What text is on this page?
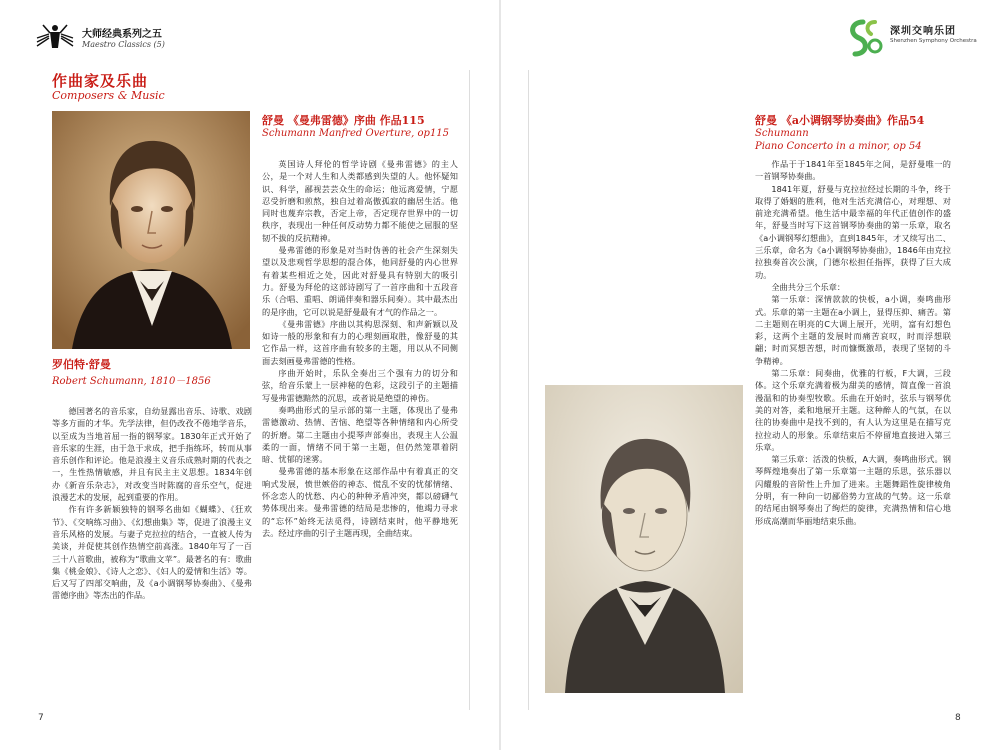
大师经典系列之五
Maestro Classics (5)
作曲家及乐曲
Composers & Music
罗伯特·舒曼
Robert Schumann, 1810－1856

德国著名的音乐家，自幼显露出音乐、诗歌、戏剧等多方面的才华。先学法律，但仍改孜不倦地学音乐，以至成为当地首屈一指的钢琴家。1830年正式开始了音乐家的生涯，由于急于求成，把手指练坏，转而从事音乐创作和评论。他是浪漫主义音乐成熟时期的代表之一，生性热情敏感，并且有民主主义思想。1834年创办《新音乐杂志》，对改变当时陈腐的音乐空气，促进浪漫艺术的发展，起到重要的作用。

作有许多新颖独特的钢琴名曲如《蝴蝶》、《狂欢节》、《交响练习曲》、《幻想曲集》等，促进了浪漫主义音乐风格的发展。与妻子克拉拉的结合，一直被人传为美谈，并促使其创作热情空前高涨。1840年写了一百三十八首歌曲，被称为“歌曲文苹”。最著名的有：歌曲集《桃金娘》、《诗人之恋》、《妇人的爱情和生活》等。后又写了四部交响曲，及《a小调钢琴协奏曲》、《曼弗雷德序曲》等杰出的作品。

舒曼 《曼弗雷德》序曲 作品115
Schumann Manfred Overture, op115

英国诗人拜伦的哲学诗剧《曼弗雷德》的主人公，是一个对人生和人类都感到失望的人。他怀疑知识、科学，鄙视芸芸众生的命运；他远离爱情，宁愿忍受折磨和煎熬，独自过着高傲孤寂的幽居生活。他同时也蔑弃宗教，否定上帝，否定现存世界中的一切秩序，表现出一种任何反动势力都不能使之屈服的坚韧不拔的反抗精神。

曼弗雷德的形象是对当时伪善的社会产生深刻失望以及悲观哲学思想的混合体，他同舒曼的内心世界有着某些相近之处，因此对舒曼具有特别大的吸引力。舒曼为拜伦的这部诗剧写了一首序曲和十五段音乐（合唱、重唱、朗诵伴奏和器乐间奏）。其中最杰出的是序曲，它可以说是舒曼最有才气的作品之一。

《曼弗雷德》序曲以其构思深刻、和声新颖以及如诗一般的形象和有力的心理刻画取胜，像舒曼的其它作品一样，这首序曲有较多的主题，用以从不同侧面去刻画曼弗雷德的性格。

序曲开始时，乐队全奏出三个强有力的切分和弦，给音乐蒙上一层神秘的色彩，这段引子的主题描写曼弗雷德黯然的沉思，或者说是绝望的神伤。

奏鸣曲形式的呈示部的第一主题，体现出了曼弗雷德激动、热情、苦恼、绝望等各种情绪和内心所受的折磨。第二主题由小提琴声部奏出，表现主人公温柔的一面，情绪不同于第一主题，但仍然笼罩着阴暗、忧郁的迷雾。

曼弗雷德的基本形象在这部作品中有着真正的交响式发展，愤世嫉俗的神态、慌乱不安的忧郁情绪、怀念恋人的忧愁、内心的种种矛盾冲突，都以磅礴气势体现出来。曼弗雷德的结局是悲惨的，他竭力寻求的“忘怀”始终无法觅得，诗剧结束时，他平静地死去。经过序曲的引子主题再现，全曲结束。

7	8
深圳交响乐团
Shenzhen Symphony Orchestra
舒曼 《a小调钢琴协奏曲》作品54
Schumann
Piano Concerto in a minor, op 54

作品于于1841年至1845年之间，是舒曼唯一的一首钢琴协奏曲。

1841年夏，舒曼与克拉拉经过长期的斗争，终于取得了婚姻的胜利，他对生活充满信心，对理想、对前途充满希望。他生活中最幸福的年代正值创作的盛年，舒曼当时写下这首钢琴协奏曲的第一乐章，取名《a小调钢琴幻想曲》，直到1845年，才又续写出二、三乐章，命名为《a小调钢琴协奏曲》，1846年由克拉拉独奏首次公演，门德尔松担任指挥，获得了巨大成功。

全曲共分三个乐章：

第一乐章：深情款款的快板，a小调，奏鸣曲形式。乐章的第一主题在a小调上，显得压抑、痛苦。第二主题则在明亮的C大调上展开，光明，富有幻想色彩，这两个主题的发展时而痛苦哀叹，时而浮想联翩；时而冥想苦想，时而慷慨激昂，表现了坚韧的斗争精神。

第二乐章：间奏曲，优雅的行板，F大调，三段体。这个乐章充满着极为甜美的感情，简直像一首浪漫温和的协奏型牧歌。乐曲在开始时，弦乐与钢琴优美的对答，柔和地展开主题。这种醉人的气氛，在以往的协奏曲中是找不到的，有人认为这里是在描写克拉拉动人的形象。乐章结束后不停留地直接进入第三乐章。

第三乐章：活泼的快板，A大调，奏鸣曲形式。钢琴辉煌地奏出了第一乐章第一主题的乐思，弦乐器以闪耀般的音阶性上升加了进来。主题舞蹈性旋律棱角分明，有一种向一切鄙俗势力宣战的气势。这一乐章的结尾由钢琴奏出了绚烂的旋律，充满热情和信心地形成高潮而华丽地结束乐曲。
